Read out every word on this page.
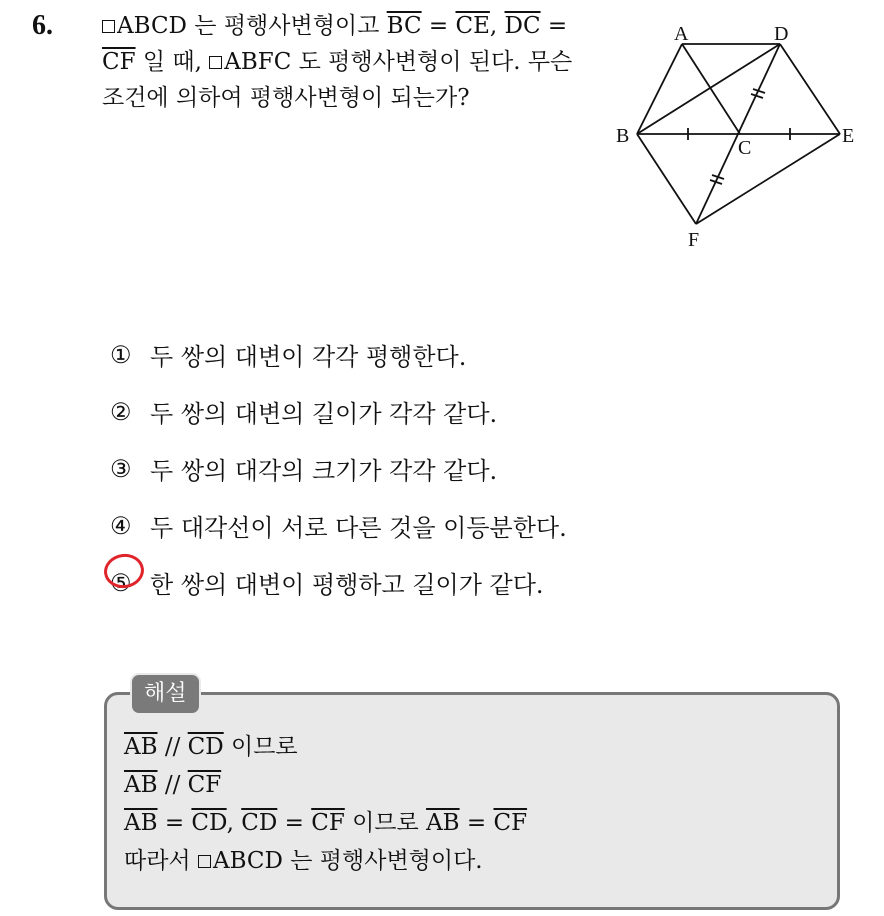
6.	ABCD 는 평행사변형이고 $\overline{BC} = \overline{CE}$, $\overline{DC} = \overline{CF}$ 일 때, ABFC 도 평행사변형이 된다. 무슨 조건에 의하여 평행사변형이 되는가?
A	D
B
C
E
F
① 두 쌍의 대변이 각각 평행한다.
② 두 쌍의 대변의 길이가 각각 같다.
③ 두 쌍의 대각의 크기가 각각 같다.
④ 두 대각선이 서로 다른 것을 이등분한다.
⑤ 한 쌍의 대변이 평행하고 길이가 같다.
해설
$\overline{AB} // \overline{CD}$ 이므로
$\overline{AB} // \overline{CF}$
$\overline{AB} = \overline{CD}$, $\overline{CD} = \overline{CF}$ 이므로 $\overline{AB} = \overline{CF}$
따라서 ABCD 는 평행사변형이다.
